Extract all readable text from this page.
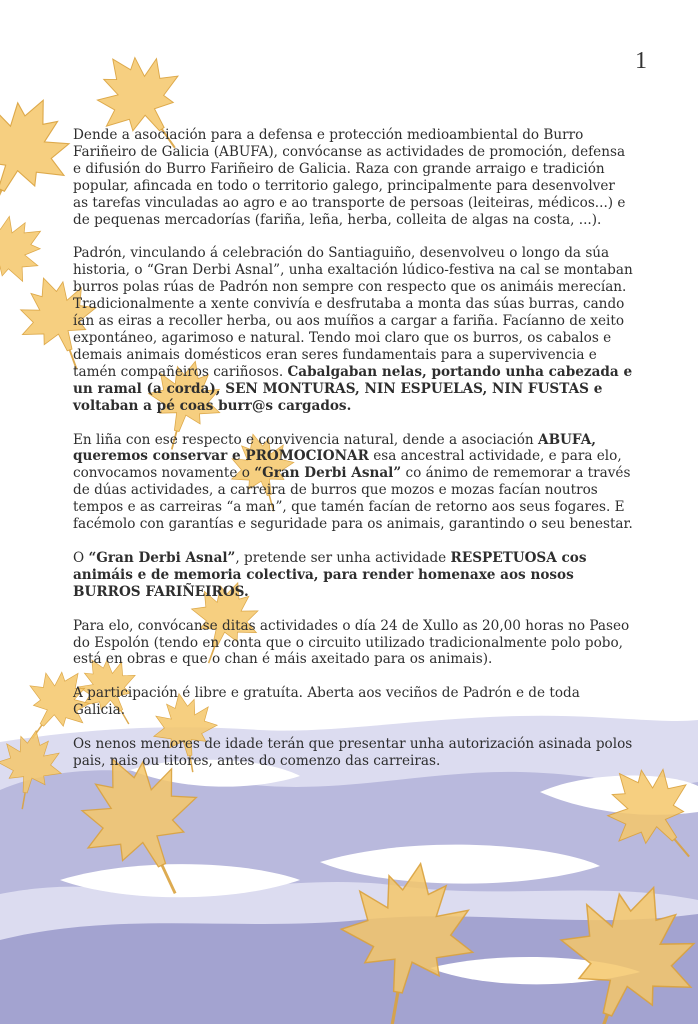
1

Dende a asociación para a defensa e protección medioambiental do Burro Fariñeiro de Galicia (ABUFA), convócanse as actividades de promoción, defensa e difusión do Burro Fariñeiro de Galicia. Raza con grande arraigo e tradición popular, afincada en todo o territorio galego, principalmente para desenvolver as tarefas vinculadas ao agro e ao transporte de persoas (leiteiras, médicos...) e de pequenas mercadorías (fariña, leña, herba, colleita de algas na costa, ...).

Padrón, vinculando á celebración do Santiaguiño, desenvolveu o longo da súa historia, o “Gran Derbi Asnal”, unha exaltación lúdico-festiva na cal se montaban burros polas rúas de Padrón non sempre con respecto que os animáis merecían. Tradicionalmente a xente convivía e desfrutaba a monta das súas burras, cando ían as eiras a recoller herba, ou aos muíños a cargar a fariña. Facíanno de xeito expontáneo, agarimoso e natural. Tendo moi claro que os burros, os cabalos e demais animais domésticos eran seres fundamentais para a supervivencia e tamén compañeiros cariñosos. Cabalgaban nelas, portando unha cabezada e un ramal (a corda), SEN MONTURAS, NIN ESPUELAS, NIN FUSTAS e voltaban a pé coas burr@s cargados.

En liña con ese respecto e convivencia natural, dende a asociación ABUFA, queremos conservar e PROMOCIONAR esa ancestral actividade, e para elo, convocamos novamente o “Gran Derbi Asnal” co ánimo de rememorar a través de dúas actividades, a carreira de burros que mozos e mozas facían noutros tempos e as carreiras “a man”, que tamén facían de retorno aos seus fogares. E facémolo con garantías e seguridade para os animais, garantindo o seu benestar.

O “Gran Derbi Asnal”, pretende ser unha actividade RESPETUOSA cos animáis e de memoria colectiva, para render homenaxe aos nosos BURROS FARIÑEIROS.

Para elo, convócanse ditas actividades o día 24 de Xullo as 20,00 horas no Paseo do Espolón (tendo en conta que o circuito utilizado tradicionalmente polo pobo, está en obras e que o chan é máis axeitado para os animais).

A participación é libre e gratuíta. Aberta aos veciños de Padrón e de toda Galicia.

Os nenos menores de idade terán que presentar unha autorización asinada polos pais, nais ou titores, antes do comenzo das carreiras.
